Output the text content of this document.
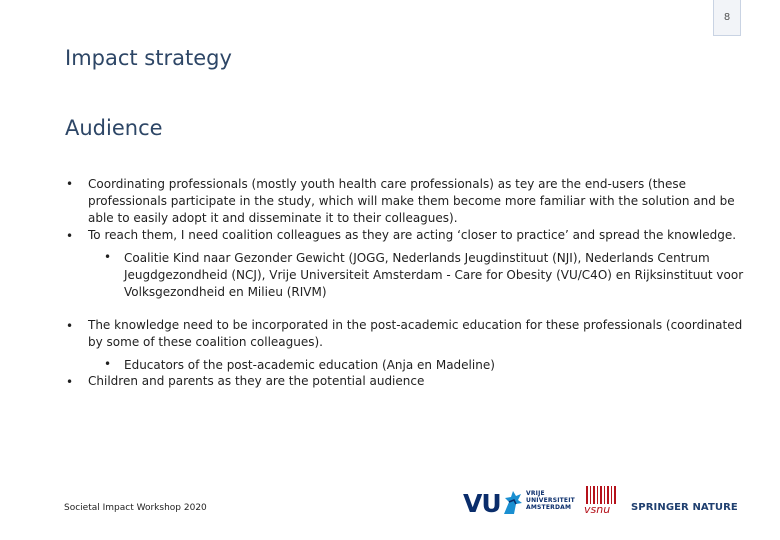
8
Impact strategy
Audience
• Coordinating professionals (mostly youth health care professionals) as tey are the end-users (these
professionals participate in the study, which will make them become more familiar with the solution and be
able to easily adopt it and disseminate it to their colleagues).
• To reach them, I need coalition colleagues as they are acting ‘closer to practice’ and spread the knowledge.
• Coalitie Kind naar Gezonder Gewicht (JOGG, Nederlands Jeugdinstituut (NJI), Nederlands Centrum
Jeugdgezondheid (NCJ), Vrije Universiteit Amsterdam - Care for Obesity (VU/C4O) en Rijksinstituut voor
Volksgezondheid en Milieu (RIVM)
• The knowledge need to be incorporated in the post-academic education for these professionals (coordinated
by some of these coalition colleagues).
• Educators of the post-academic education (Anja en Madeline)
• Children and parents as they are the potential audience
Societal Impact Workshop 2020	VU	VRIJE
UNIVERSITEIT
AMSTERDAM	vsnu SPRINGER NATURE
